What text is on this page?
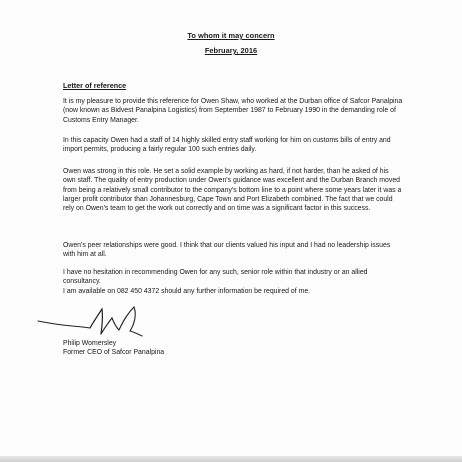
To whom it may concern
February, 2016
Letter of reference

It is my pleasure to provide this reference for Owen Shaw, who worked at the Durban office of Safcor Panalpina (now known as Bidvest Panalpina Logistics) from September 1987 to February 1990 in the demanding role of Customs Entry Manager.

In this capacity Owen had a staff of 14 highly skilled entry staff working for him on customs bills of entry and import permits, producing a fairly regular 100 such entries daily.

Owen was strong in this role. He set a solid example by working as hard, if not harder, than he asked of his own staff. The quality of entry production under Owen's guidance was excellent and the Durban Branch moved from being a relatively small contributor to the company's bottom line to a point where some years later it was a larger profit contributor than Johannesburg, Cape Town and Port Elizabeth combined. The fact that we could rely on Owen's team to get the work out correctly and on time was a significant factor in this success.

Owen's peer relationships were good. I think that our clients valued his input and I had no leadership issues with him at all.

I have no hesitation in recommending Owen for any such, senior role within that industry or an allied consultancy.

I am available on 082 450 4372 should any further information be required of me.

Philip Womersley
Former CEO of Safcor Panalpina
